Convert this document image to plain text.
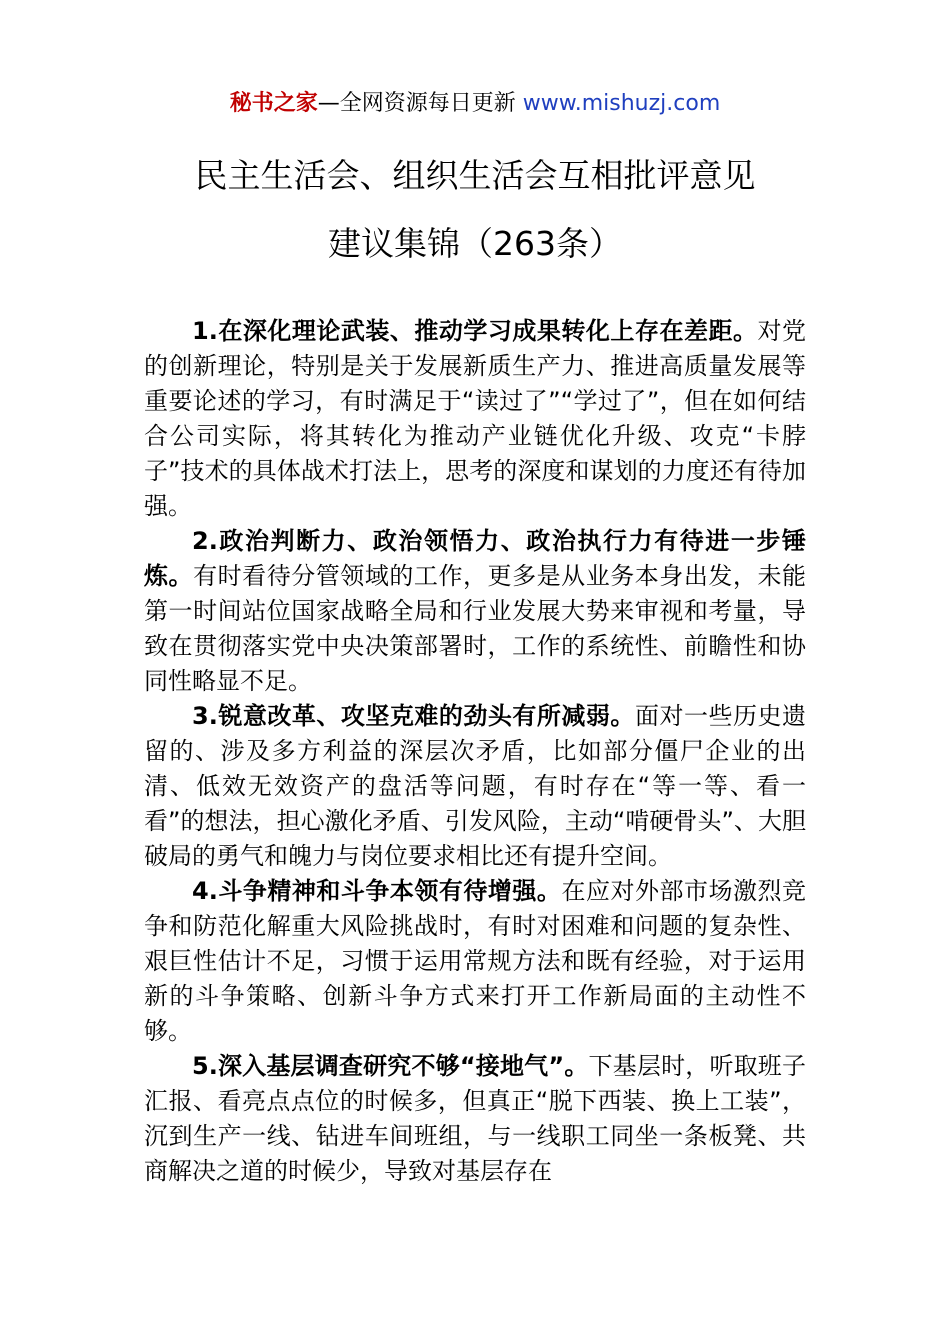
秘书之家—全网资源每日更新 www.mishuzj.com
民主生活会、组织生活会互相批评意见
建议集锦（263条）

1.在深化理论武装、推动学习成果转化上存在差距。对党的创新理论，特别是关于发展新质生产力、推进高质量发展等重要论述的学习，有时满足于“读过了”“学过了”，但在如何结合公司实际，将其转化为推动产业链优化升级、攻克“卡脖子”技术的具体战术打法上，思考的深度和谋划的力度还有待加强。

2.政治判断力、政治领悟力、政治执行力有待进一步锤炼。有时看待分管领域的工作，更多是从业务本身出发，未能第一时间站位国家战略全局和行业发展大势来审视和考量，导致在贯彻落实党中央决策部署时，工作的系统性、前瞻性和协同性略显不足。

3.锐意改革、攻坚克难的劲头有所减弱。面对一些历史遗留的、涉及多方利益的深层次矛盾，比如部分僵尸企业的出清、低效无效资产的盘活等问题，有时存在“等一等、看一看”的想法，担心激化矛盾、引发风险，主动“啃硬骨头”、大胆破局的勇气和魄力与岗位要求相比还有提升空间。

4.斗争精神和斗争本领有待增强。在应对外部市场激烈竞争和防范化解重大风险挑战时，有时对困难和问题的复杂性、艰巨性估计不足，习惯于运用常规方法和既有经验，对于运用新的斗争策略、创新斗争方式来打开工作新局面的主动性不够。

5.深入基层调查研究不够“接地气”。下基层时，听取班子汇报、看亮点点位的时候多，但真正“脱下西装、换上工装”，沉到生产一线、钻进车间班组，与一线职工同坐一条板凳、共商解决之道的时候少，导致对基层存在
